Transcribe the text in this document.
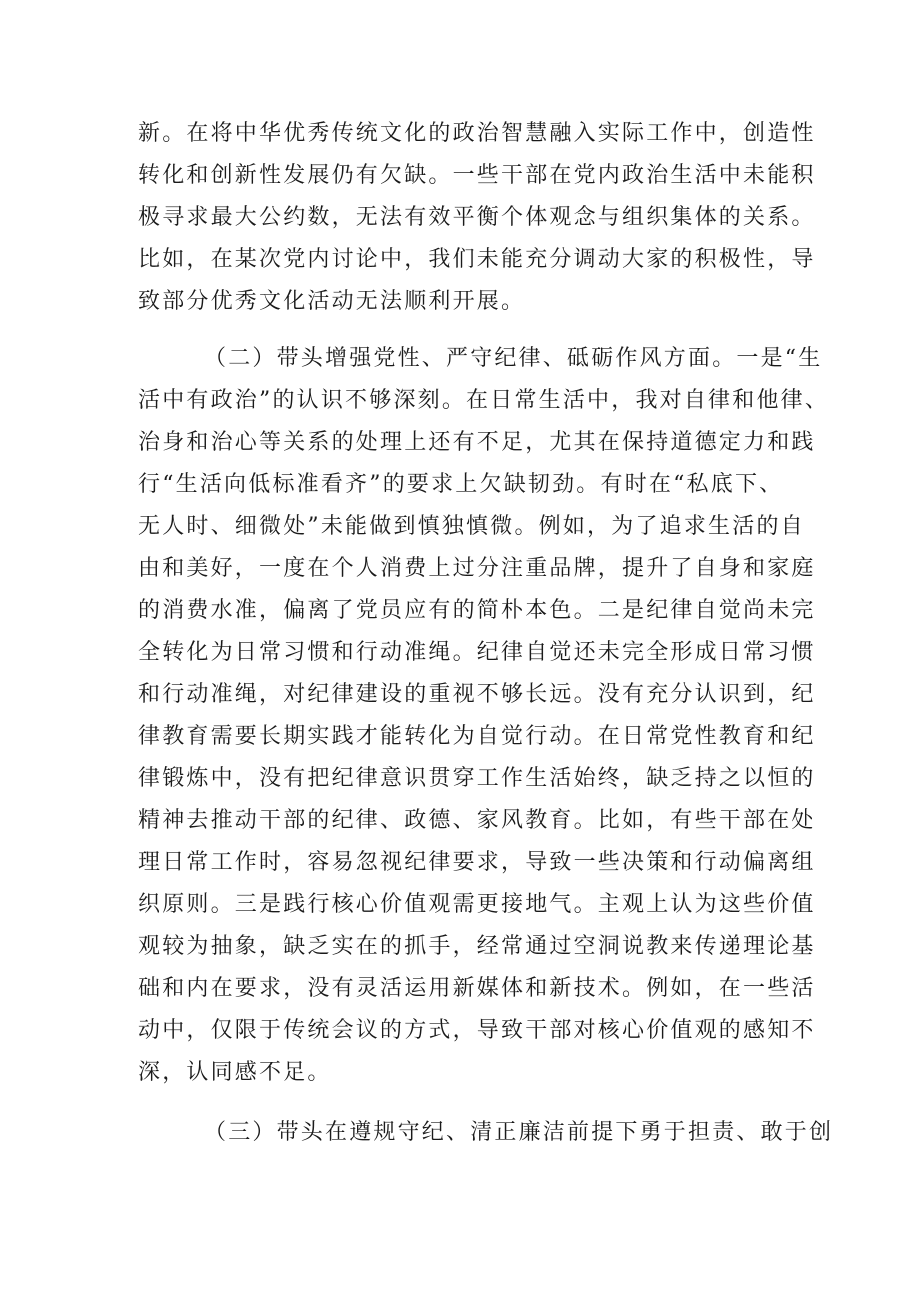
新。在将中华优秀传统文化的政治智慧融入实际工作中，创造性
转化和创新性发展仍有欠缺。一些干部在党内政治生活中未能积
极寻求最大公约数，无法有效平衡个体观念与组织集体的关系。
比如，在某次党内讨论中，我们未能充分调动大家的积极性，导
致部分优秀文化活动无法顺利开展。
（二）带头增强党性、严守纪律、砥砺作风方面。一是“生
活中有政治”的认识不够深刻。在日常生活中，我对自律和他律、
治身和治心等关系的处理上还有不足，尤其在保持道德定力和践
行“生活向低标准看齐”的要求上欠缺韧劲。有时在“私底下、
无人时、细微处”未能做到慎独慎微。例如，为了追求生活的自
由和美好，一度在个人消费上过分注重品牌，提升了自身和家庭
的消费水准，偏离了党员应有的简朴本色。二是纪律自觉尚未完
全转化为日常习惯和行动准绳。纪律自觉还未完全形成日常习惯
和行动准绳，对纪律建设的重视不够长远。没有充分认识到，纪
律教育需要长期实践才能转化为自觉行动。在日常党性教育和纪
律锻炼中，没有把纪律意识贯穿工作生活始终，缺乏持之以恒的
精神去推动干部的纪律、政德、家风教育。比如，有些干部在处
理日常工作时，容易忽视纪律要求，导致一些决策和行动偏离组
织原则。三是践行核心价值观需更接地气。主观上认为这些价值
观较为抽象，缺乏实在的抓手，经常通过空洞说教来传递理论基
础和内在要求，没有灵活运用新媒体和新技术。例如，在一些活
动中，仅限于传统会议的方式，导致干部对核心价值观的感知不
深，认同感不足。
（三）带头在遵规守纪、清正廉洁前提下勇于担责、敢于创
